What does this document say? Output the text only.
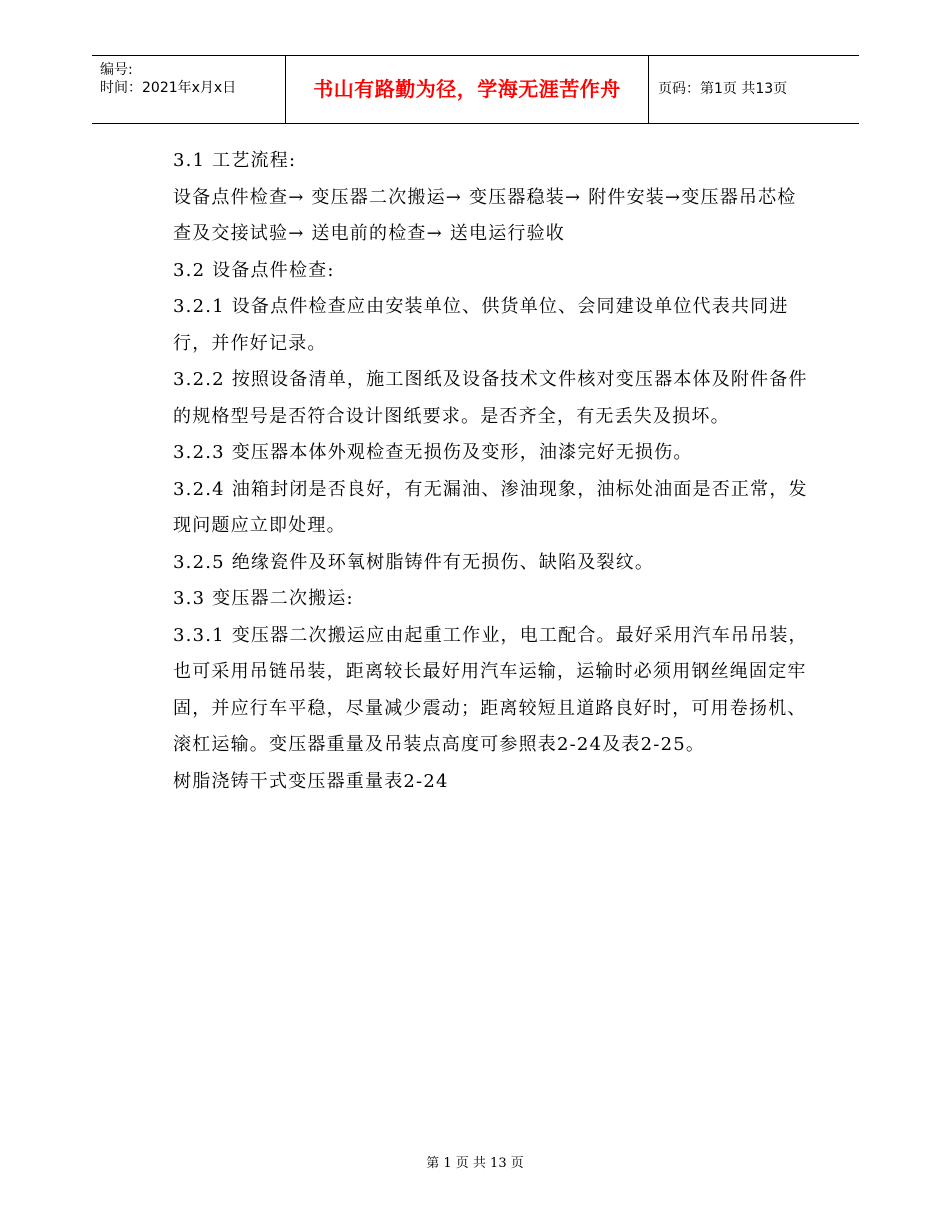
编号:
时间：2021年x月x日	书山有路勤为径，学海无涯苦作舟	页码：第1页 共13页

3.1 工艺流程:

设备点件检查→ 变压器二次搬运→ 变压器稳装→ 附件安装→变压器吊芯检查及交接试验→ 送电前的检查→ 送电运行验收

3.2 设备点件检查:

3.2.1 设备点件检查应由安装单位、供货单位、会同建设单位代表共同进行，并作好记录。

3.2.2 按照设备清单，施工图纸及设备技术文件核对变压器本体及附件备件的规格型号是否符合设计图纸要求。是否齐全，有无丢失及损坏。

3.2.3 变压器本体外观检查无损伤及变形，油漆完好无损伤。

3.2.4 油箱封闭是否良好，有无漏油、渗油现象，油标处油面是否正常，发现问题应立即处理。

3.2.5 绝缘瓷件及环氧树脂铸件有无损伤、缺陷及裂纹。

3.3 变压器二次搬运:

3.3.1 变压器二次搬运应由起重工作业，电工配合。最好采用汽车吊吊装，也可采用吊链吊装，距离较长最好用汽车运输，运输时必须用钢丝绳固定牢固，并应行车平稳，尽量减少震动；距离较短且道路良好时，可用卷扬机、滚杠运输。变压器重量及吊装点高度可参照表2-24及表2-25。

树脂浇铸干式变压器重量表2-24

第 1 页 共 13 页
